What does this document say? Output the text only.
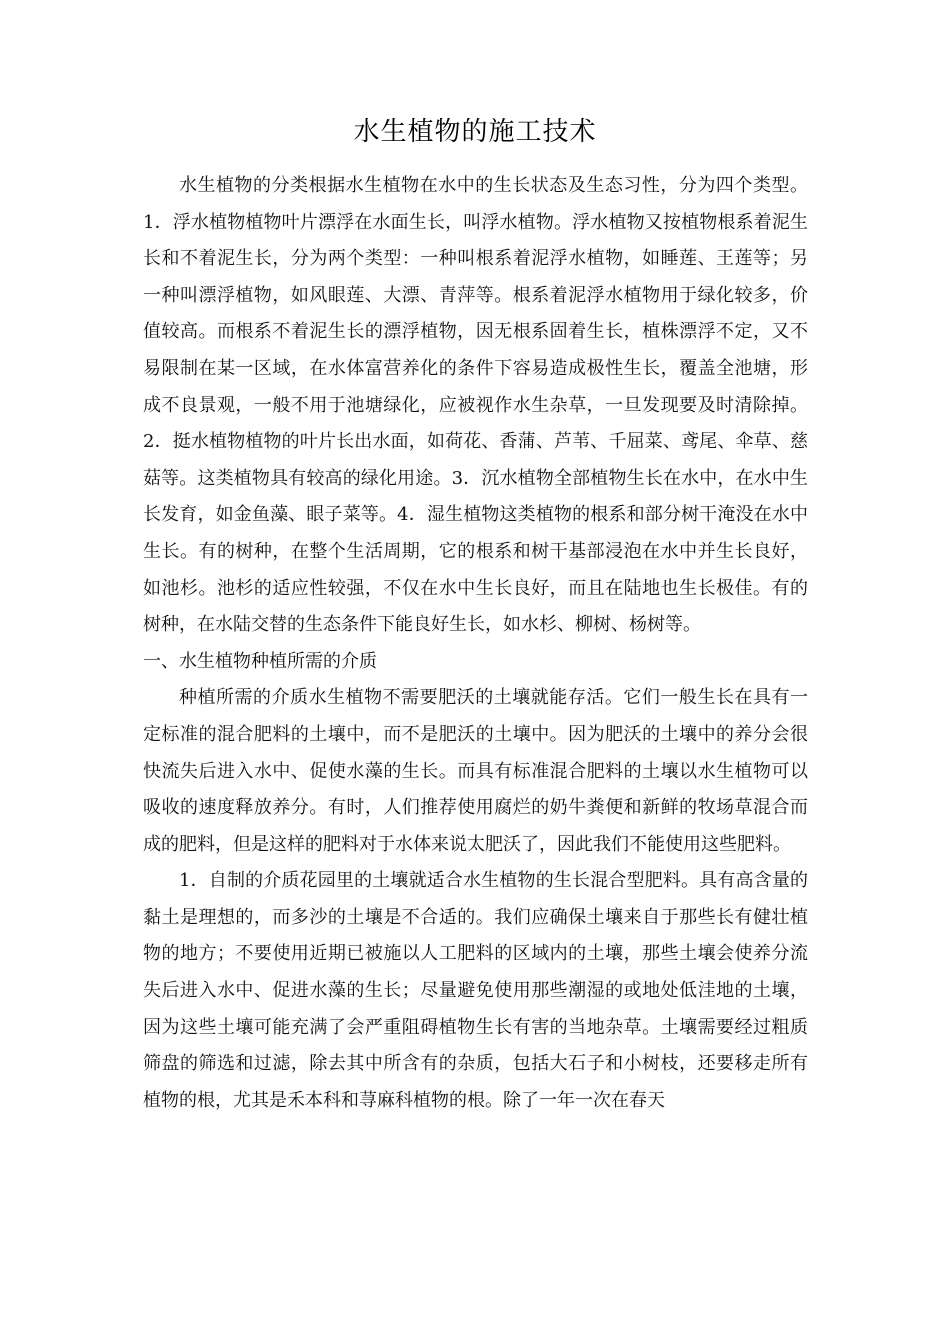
水生植物的施工技术

水生植物的分类根据水生植物在水中的生长状态及生态习性，分为四个类型。1．浮水植物植物叶片漂浮在水面生长，叫浮水植物。浮水植物又按植物根系着泥生长和不着泥生长，分为两个类型：一种叫根系着泥浮水植物，如睡莲、王莲等；另一种叫漂浮植物，如风眼莲、大漂、青萍等。根系着泥浮水植物用于绿化较多，价值较高。而根系不着泥生长的漂浮植物，因无根系固着生长，植株漂浮不定，又不易限制在某一区域，在水体富营养化的条件下容易造成极性生长，覆盖全池塘，形成不良景观，一般不用于池塘绿化，应被视作水生杂草，一旦发现要及时清除掉。2．挺水植物植物的叶片长出水面，如荷花、香蒲、芦苇、千屈菜、鸢尾、伞草、慈菇等。这类植物具有较高的绿化用途。3．沉水植物全部植物生长在水中，在水中生长发育，如金鱼藻、眼子菜等。4．湿生植物这类植物的根系和部分树干淹没在水中生长。有的树种，在整个生活周期，它的根系和树干基部浸泡在水中并生长良好，如池杉。池杉的适应性较强，不仅在水中生长良好，而且在陆地也生长极佳。有的树种，在水陆交替的生态条件下能良好生长，如水杉、柳树、杨树等。

一、水生植物种植所需的介质

种植所需的介质水生植物不需要肥沃的土壤就能存活。它们一般生长在具有一定标准的混合肥料的土壤中，而不是肥沃的土壤中。因为肥沃的土壤中的养分会很快流失后进入水中、促使水藻的生长。而具有标准混合肥料的土壤以水生植物可以吸收的速度释放养分。有时，人们推荐使用腐烂的奶牛粪便和新鲜的牧场草混合而成的肥料，但是这样的肥料对于水体来说太肥沃了，因此我们不能使用这些肥料。

1．自制的介质花园里的土壤就适合水生植物的生长混合型肥料。具有高含量的黏土是理想的，而多沙的土壤是不合适的。我们应确保土壤来自于那些长有健壮植物的地方；不要使用近期已被施以人工肥料的区域内的土壤，那些土壤会使养分流失后进入水中、促进水藻的生长；尽量避免使用那些潮湿的或地处低洼地的土壤，因为这些土壤可能充满了会严重阻碍植物生长有害的当地杂草。土壤需要经过粗质筛盘的筛选和过滤，除去其中所含有的杂质，包括大石子和小树枝，还要移走所有植物的根，尤其是禾本科和荨麻科植物的根。除了一年一次在春天
